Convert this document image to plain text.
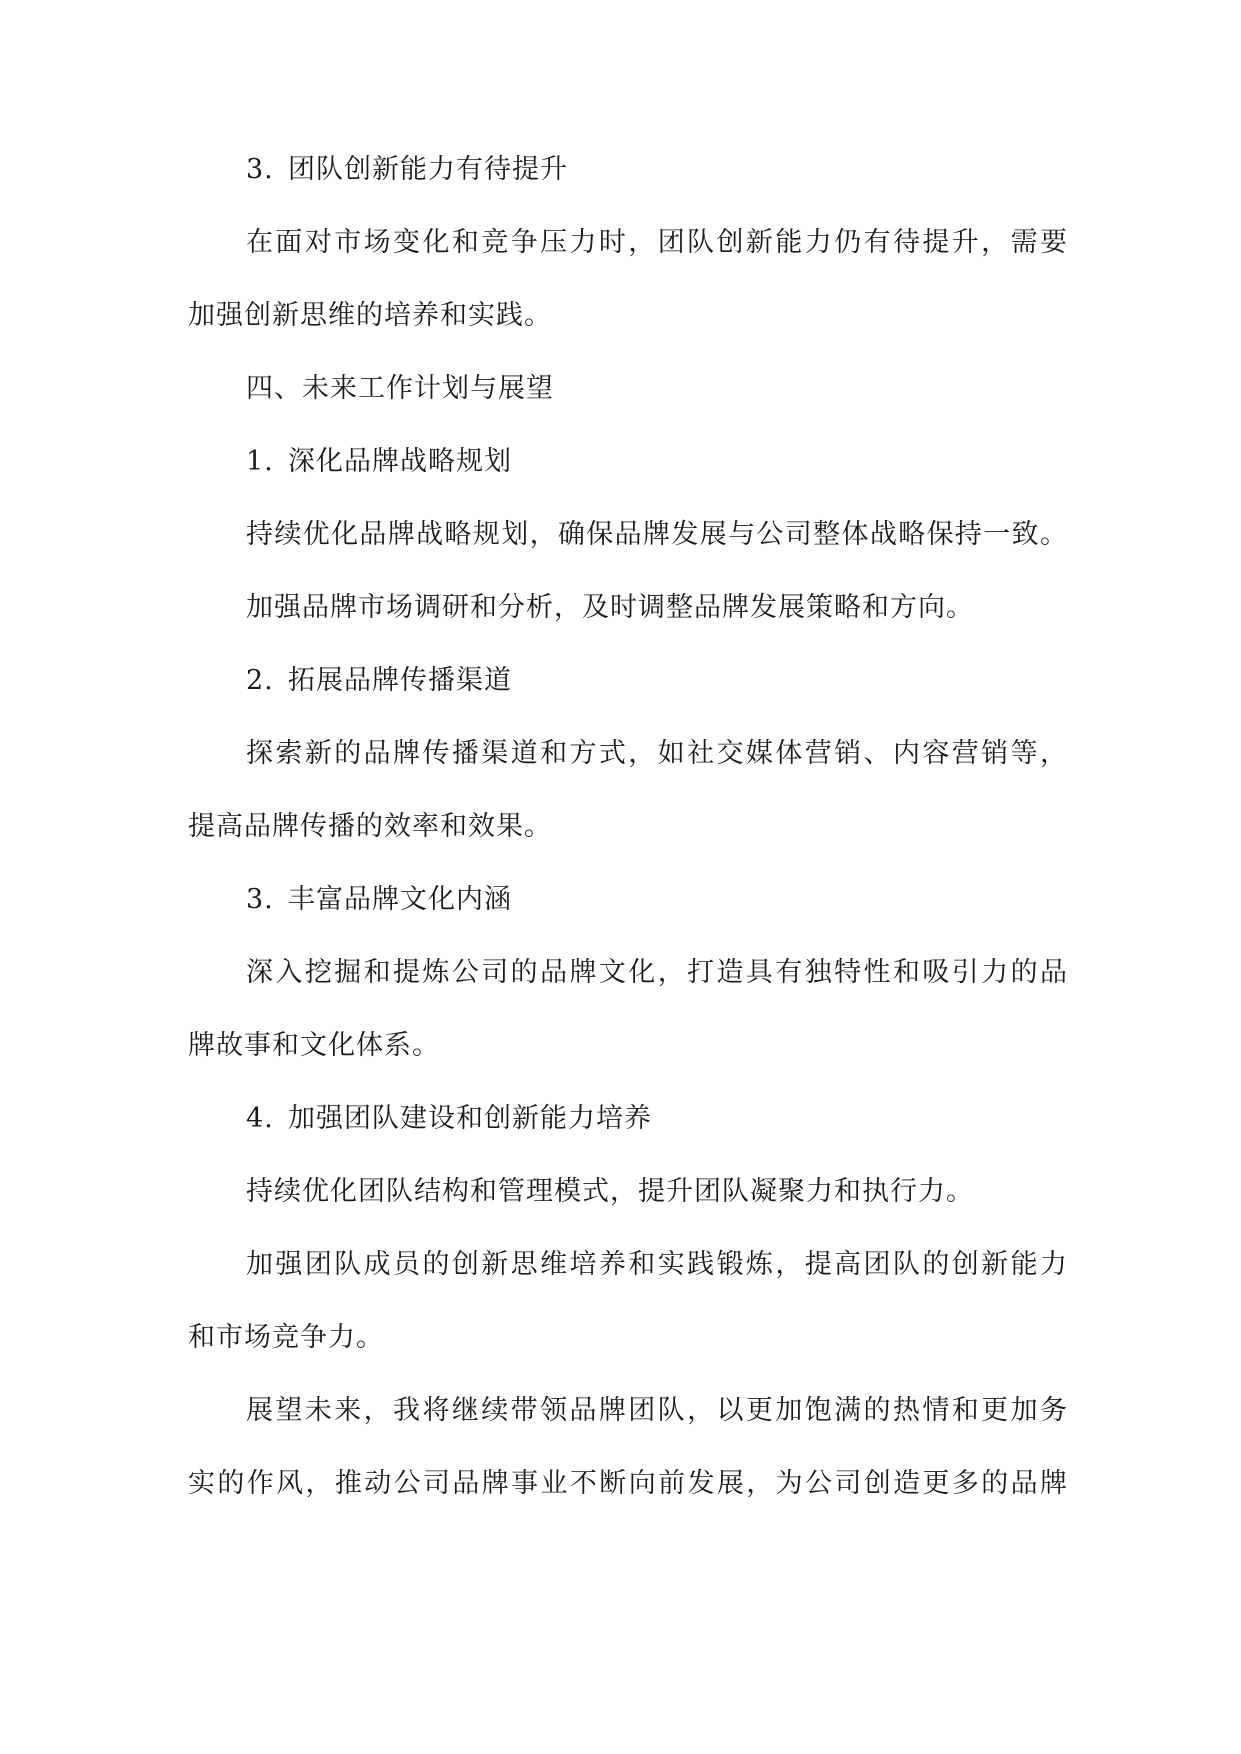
3. 团队创新能力有待提升
在面对市场变化和竞争压力时，团队创新能力仍有待提升，需要
加强创新思维的培养和实践。
四、未来工作计划与展望
1. 深化品牌战略规划
持续优化品牌战略规划，确保品牌发展与公司整体战略保持一致。
加强品牌市场调研和分析，及时调整品牌发展策略和方向。
2. 拓展品牌传播渠道
探索新的品牌传播渠道和方式，如社交媒体营销、内容营销等，
提高品牌传播的效率和效果。
3. 丰富品牌文化内涵
深入挖掘和提炼公司的品牌文化，打造具有独特性和吸引力的品
牌故事和文化体系。
4. 加强团队建设和创新能力培养
持续优化团队结构和管理模式，提升团队凝聚力和执行力。
加强团队成员的创新思维培养和实践锻炼，提高团队的创新能力
和市场竞争力。
展望未来，我将继续带领品牌团队，以更加饱满的热情和更加务
实的作风，推动公司品牌事业不断向前发展，为公司创造更多的品牌
